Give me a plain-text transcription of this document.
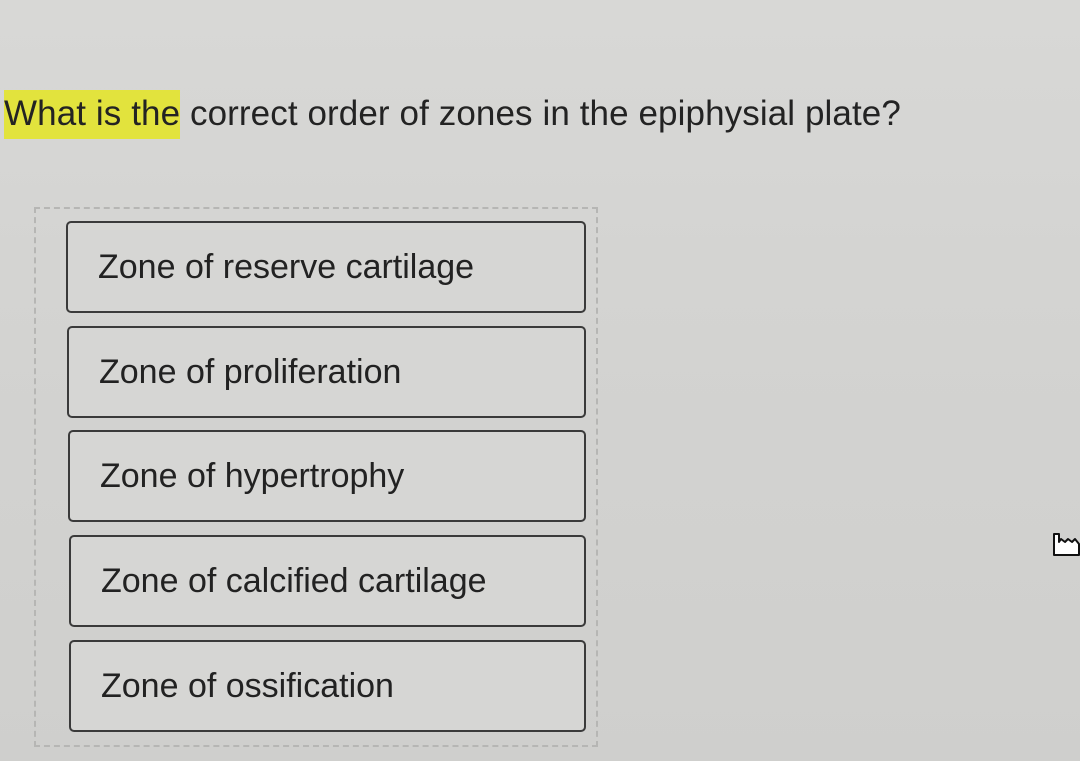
What is the correct order of zones in the epiphysial plate?
Zone of reserve cartilage
Zone of proliferation
Zone of hypertrophy
Zone of calcified cartilage
Zone of ossification
